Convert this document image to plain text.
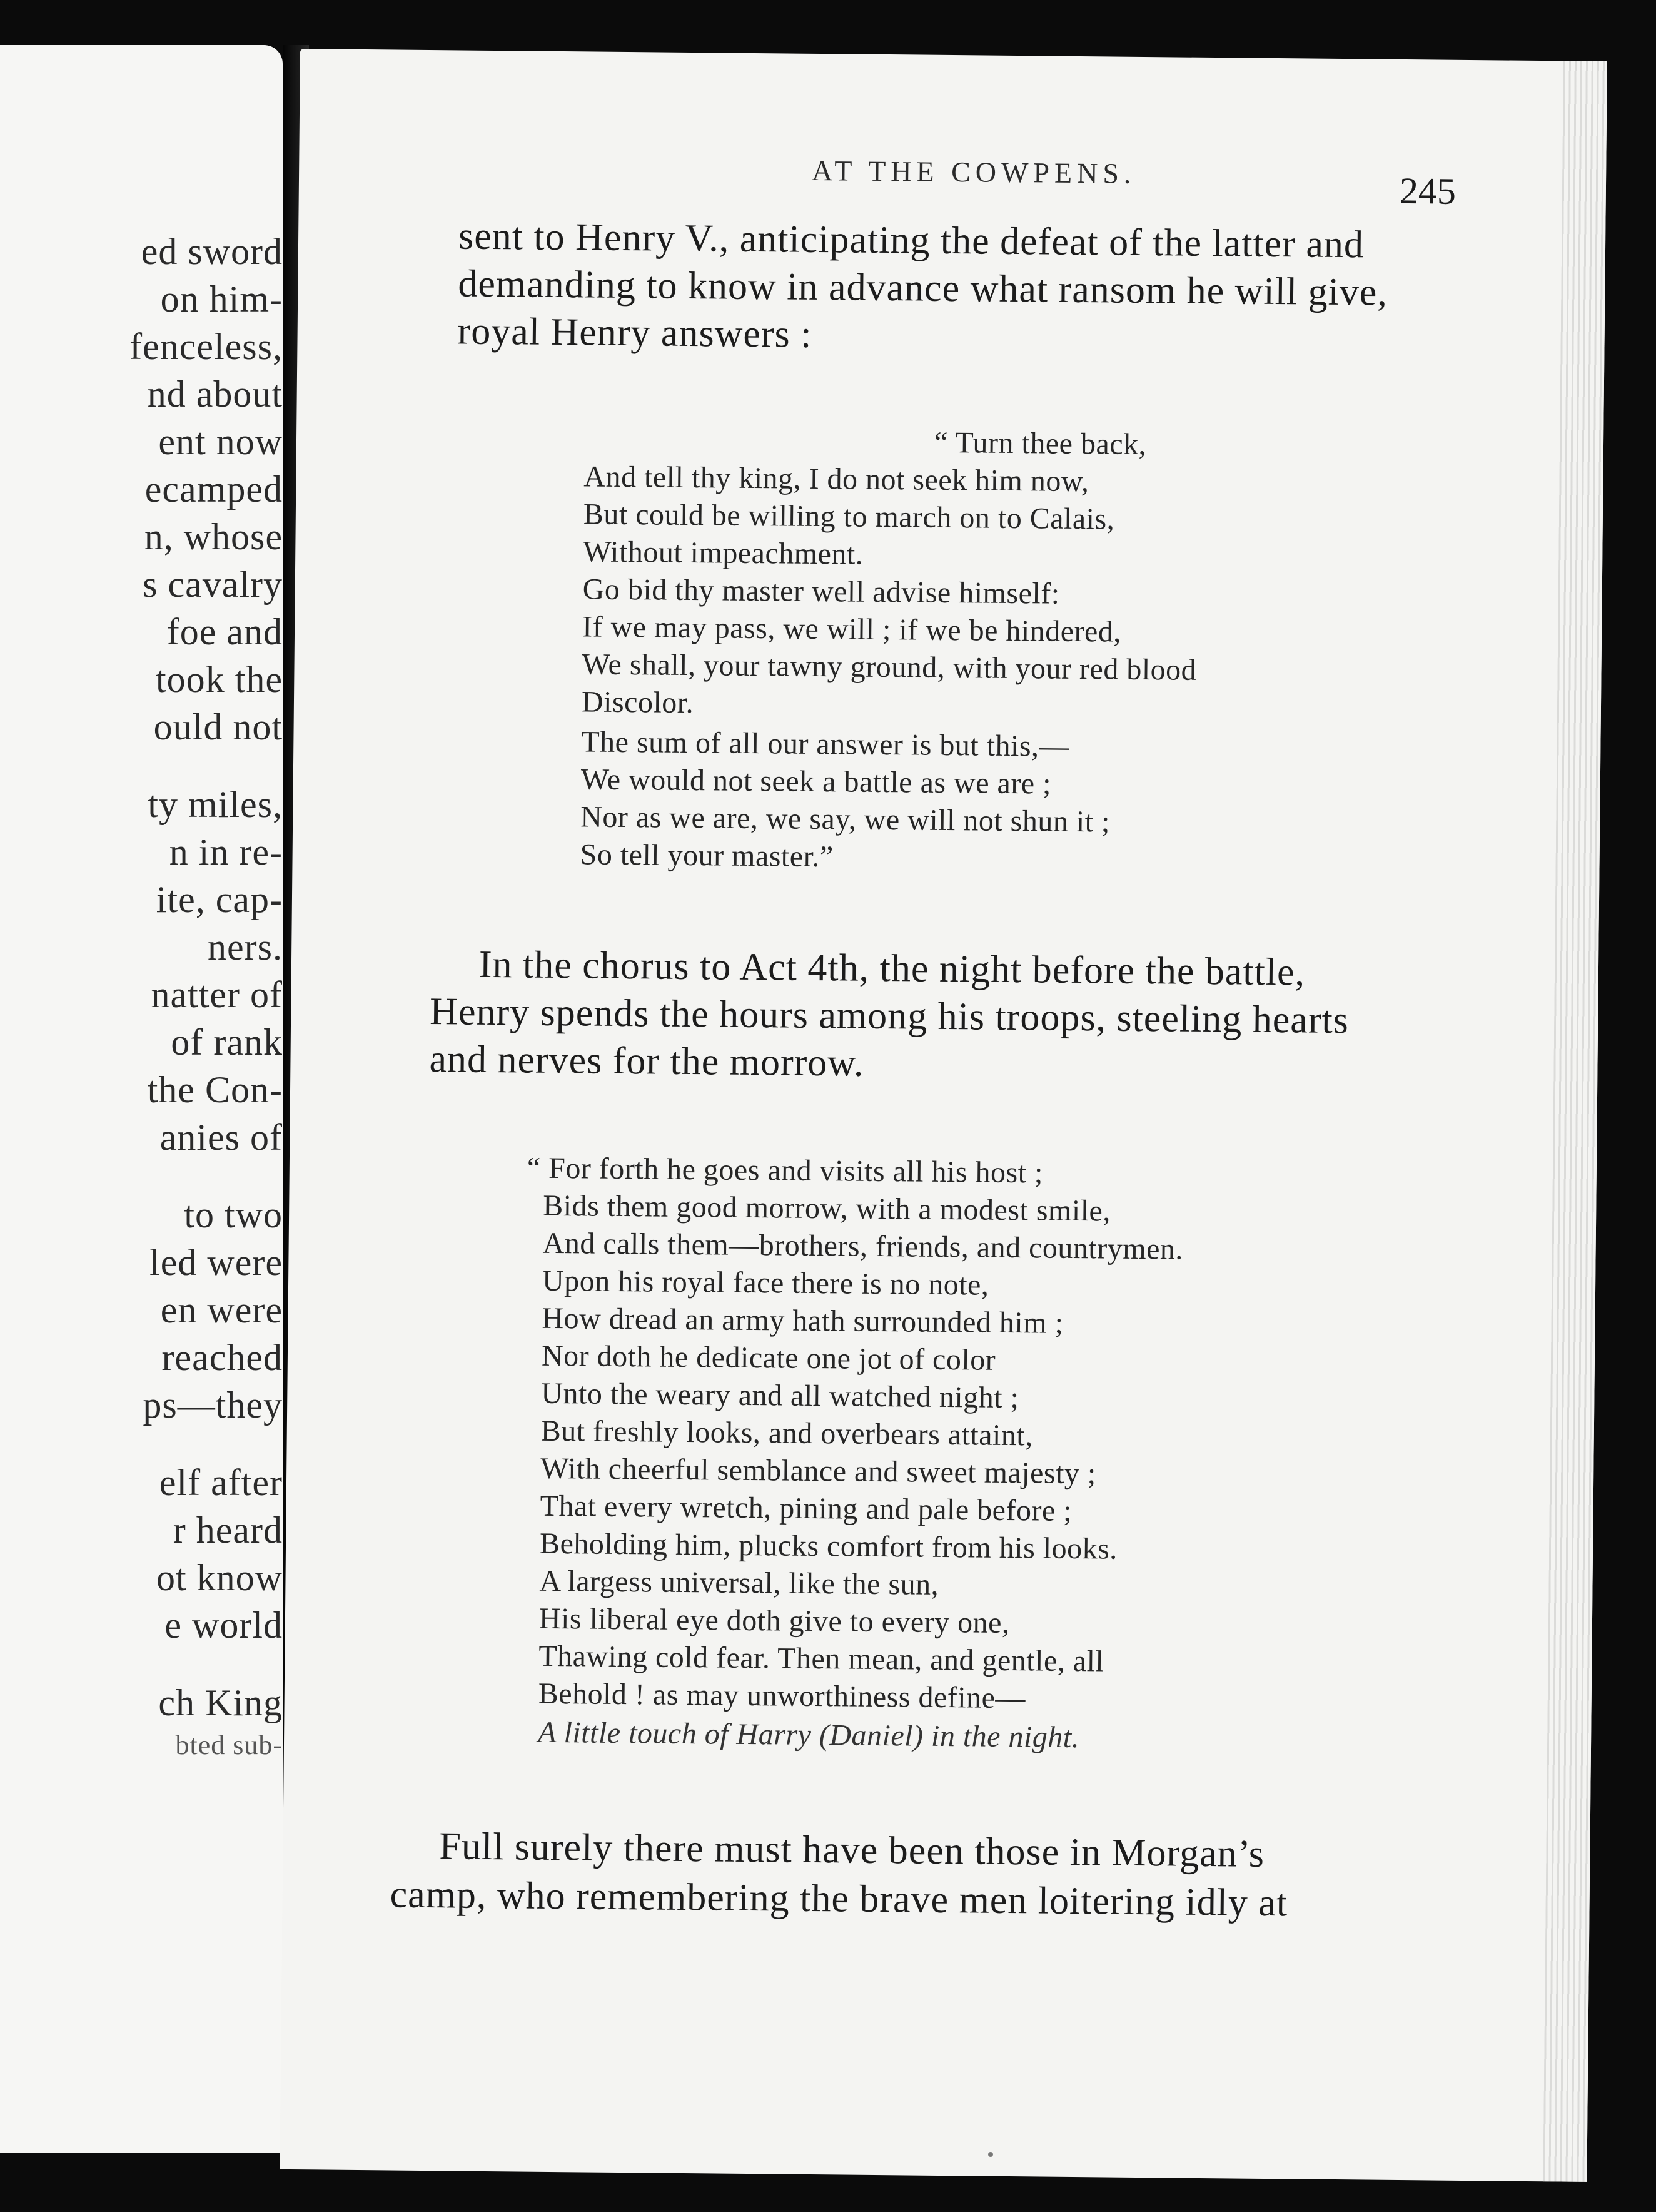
ed sword
on him-
fenceless,
nd about
ent now
ecamped
n, whose
s cavalry
foe and
took the
ould not
ty miles,
n in re-
ite, cap-
ners.
natter of
of rank
the Con-
anies of
to two
led were
en were
reached
ps—they
elf after
r heard
ot know
e world
ch King
bted sub-
AT THE COWPENS.	245
sent to Henry V., anticipating the defeat of the latter and
demanding to know in advance what ransom he will give,
royal Henry answers :
“ Turn thee back,
And tell thy king, I do not seek him now,
But could be willing to march on to Calais,
Without impeachment.
Go bid thy master well advise himself:
If we may pass, we will ; if we be hindered,
We shall, your tawny ground, with your red blood
Discolor.
The sum of all our answer is but this,—
We would not seek a battle as we are ;
Nor as we are, we say, we will not shun it ;
So tell your master.”
In the chorus to Act 4th, the night before the battle,
Henry spends the hours among his troops, steeling hearts
and nerves for the morrow.
“ For forth he goes and visits all his host ;
Bids them good morrow, with a modest smile,
And calls them—brothers, friends, and countrymen.
Upon his royal face there is no note,
How dread an army hath surrounded him ;
Nor doth he dedicate one jot of color
Unto the weary and all watched night ;
But freshly looks, and overbears attaint,
With cheerful semblance and sweet majesty ;
That every wretch, pining and pale before ;
Beholding him, plucks comfort from his looks.
A largess universal, like the sun,
His liberal eye doth give to every one,
Thawing cold fear. Then mean, and gentle, all
Behold ! as may unworthiness define—
A little touch of Harry (Daniel) in the night.
Full surely there must have been those in Morgan’s
camp, who remembering the brave men loitering idly at
